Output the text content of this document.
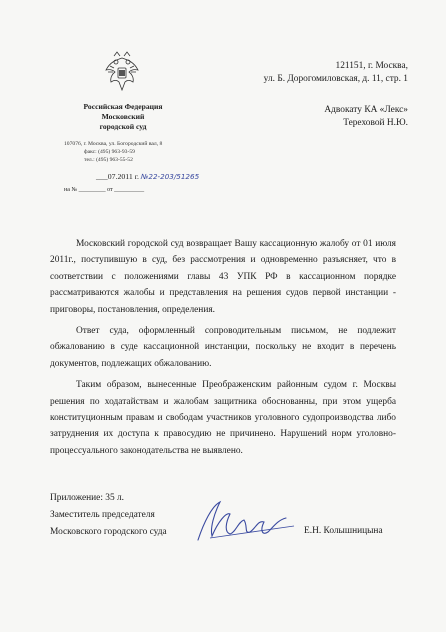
Российская Федерация
Московский
городской суд
107076, г. Москва, ул. Богородский вал, 8
факс: (495) 963-93-59
тел.: (495) 963-55-52
___07.2011 г. №22-203/51265
на № _________ от __________
121151, г. Москва,
ул. Б. Дорогомиловская, д. 11, стр. 1
Адвокату КА «Лекс»
Тереховой Н.Ю.

Московский городской суд возвращает Вашу кассационную жалобу от 01 июля 2011г., поступившую в суд, без рассмотрения и одновременно разъясняет, что в соответствии с положениями главы 43 УПК РФ в кассационном порядке рассматриваются жалобы и представления на решения судов первой инстанции - приговоры, постановления, определения.

Ответ суда, оформленный сопроводительным письмом, не подлежит обжалованию в суде кассационной инстанции, поскольку не входит в перечень документов, подлежащих обжалованию.

Таким образом, вынесенные Преображенским районным судом г. Москвы решения по ходатайствам и жалобам защитника обоснованны, при этом ущерба конституционным правам и свободам участников уголовного судопроизводства либо затруднения их доступа к правосудию не причинено. Нарушений норм уголовно-процессуального законодательства не выявлено.

Приложение: 35 л.
Заместитель председателя
Московского городского суда	Е.Н. Колышницына
